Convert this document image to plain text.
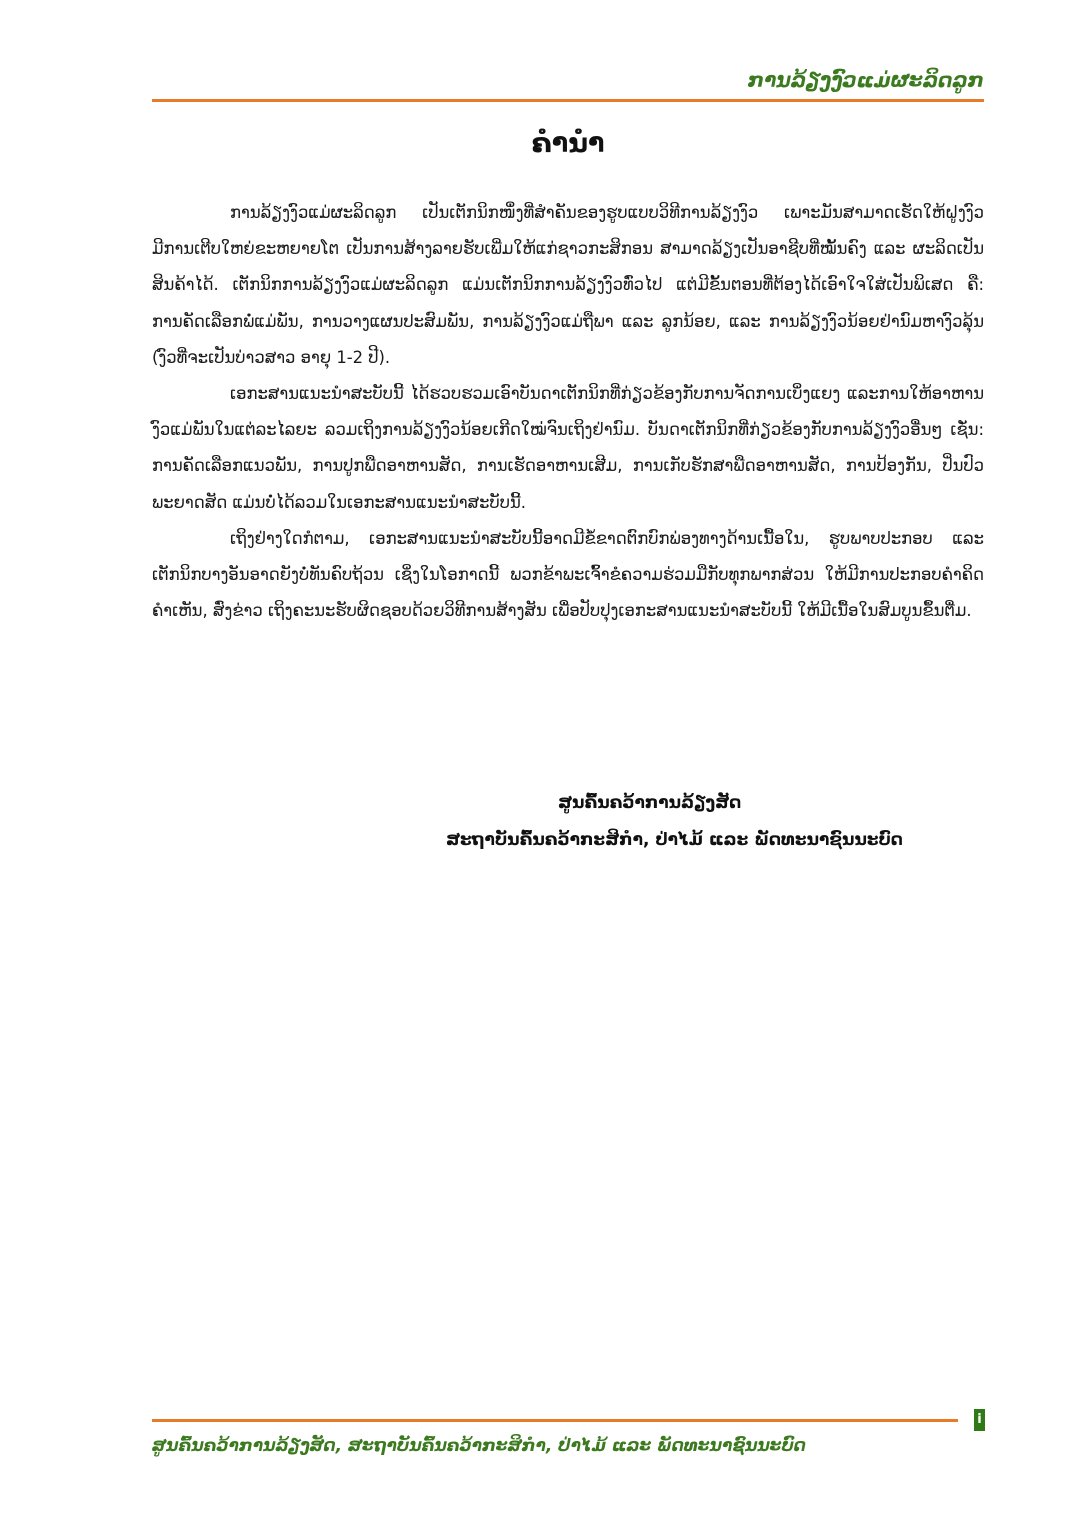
ການລ້ຽງງົວແມ່ຜະລິດລູກ
ຄຳນຳ

ການລ້ຽງງົວແມ່ຜະລິດລູກ ເປັນເຕັກນິກໜຶ່ງທີ່ສຳຄັນຂອງຮູບແບບວິທີການລ້ຽງງົວ ເພາະມັນສາມາດເຮັດໃຫ້ຝູງງົວມີການເຕີບໃຫຍ່ຂະຫຍາຍໂຕ ເປັນການສ້າງລາຍຮັບເພີ່ມໃຫ້ແກ່ຊາວກະສິກອນ ສາມາດລ້ຽງເປັນອາຊີບທີ່ໝັ້ນຄົງ ແລະ ຜະລິດເປັນສິນຄ້າໄດ້. ເຕັກນິກການລ້ຽງງົວແມ່ຜະລິດລູກ ແມ່ນເຕັກນິກການລ້ຽງງົວທົ່ວໄປ ແຕ່ມີຂັ້ນຕອນທີ່ຕ້ອງໄດ້ເອົາໃຈໃສ່ເປັນພິເສດ ຄື: ການຄັດເລືອກພໍ່ແມ່ພັນ, ການວາງແຜນປະສົມພັນ, ການລ້ຽງງົວແມ່ຖືພາ ແລະ ລູກນ້ອຍ, ແລະ ການລ້ຽງງົວນ້ອຍຢ່ານົມຫາງົວລຸ້ນ (ງົວທີ່ຈະເປັນບ່າວສາວ ອາຍຸ 1-2 ປີ).

ເອກະສານແນະນຳສະບັບນີ້ ໄດ້ຮວບຮວມເອົາບັນດາເຕັກນິກທີ່ກ່ຽວຂ້ອງກັບການຈັດການເບິ່ງແຍງ ແລະການໃຫ້ອາຫານງົວແມ່ພັນໃນແຕ່ລະໄລຍະ ລວມເຖິງການລ້ຽງງົວນ້ອຍເກີດໃໝ່ຈົນເຖິງຢ່ານົມ. ບັນດາເຕັກນິກທີ່ກ່ຽວຂ້ອງກັບການລ້ຽງງົວອື່ນໆ ເຊັ່ນ: ການຄັດເລືອກແນວພັນ, ການປູກພືດອາຫານສັດ, ການເຮັດອາຫານເສີມ, ການເກັບຮັກສາພືດອາຫານສັດ, ການປ້ອງກັນ, ປິ່ນປົວພະຍາດສັດ ແມ່ນບໍ່ໄດ້ລວມໃນເອກະສານແນະນຳສະບັບນີ້.

ເຖິງຢ່າງໃດກໍຕາມ, ເອກະສານແນະນຳສະບັບນີ້ອາດມີຂໍ້ຂາດຕົກບົກພ່ອງທາງດ້ານເນື້ອໃນ, ຮູບພາບປະກອບ ແລະ ເຕັກນິກບາງອັນອາດຍັງບໍ່ທັນຄົບຖ້ວນ ເຊິ່ງໃນໂອກາດນີ້ ພວກຂ້າພະເຈົ້າຂໍຄວາມຮ່ວມມືກັບທຸກພາກສ່ວນ ໃຫ້ມີການປະກອບຄຳຄິດຄຳເຫັນ, ສົ່ງຂ່າວ ເຖິງຄະນະຮັບຜິດຊອບດ້ວຍວິທີການສ້າງສັນ ເພື່ອປັບປຸງເອກະສານແນະນຳສະບັບນີ້ ໃຫ້ມີເນື້ອໃນສົມບູນຂຶ້ນຕື່ມ.

ສູນຄົ້ນຄວ້າການລ້ຽງສັດ
ສະຖາບັນຄົ້ນຄວ້າກະສິກຳ, ປ່າໄມ້ ແລະ ພັດທະນາຊົນນະບົດ
i
ສູນຄົ້ນຄວ້າການລ້ຽງສັດ, ສະຖາບັນຄົ້ນຄວ້າກະສິກຳ, ປ່າໄມ້ ແລະ ພັດທະນາຊົນນະບົດ
